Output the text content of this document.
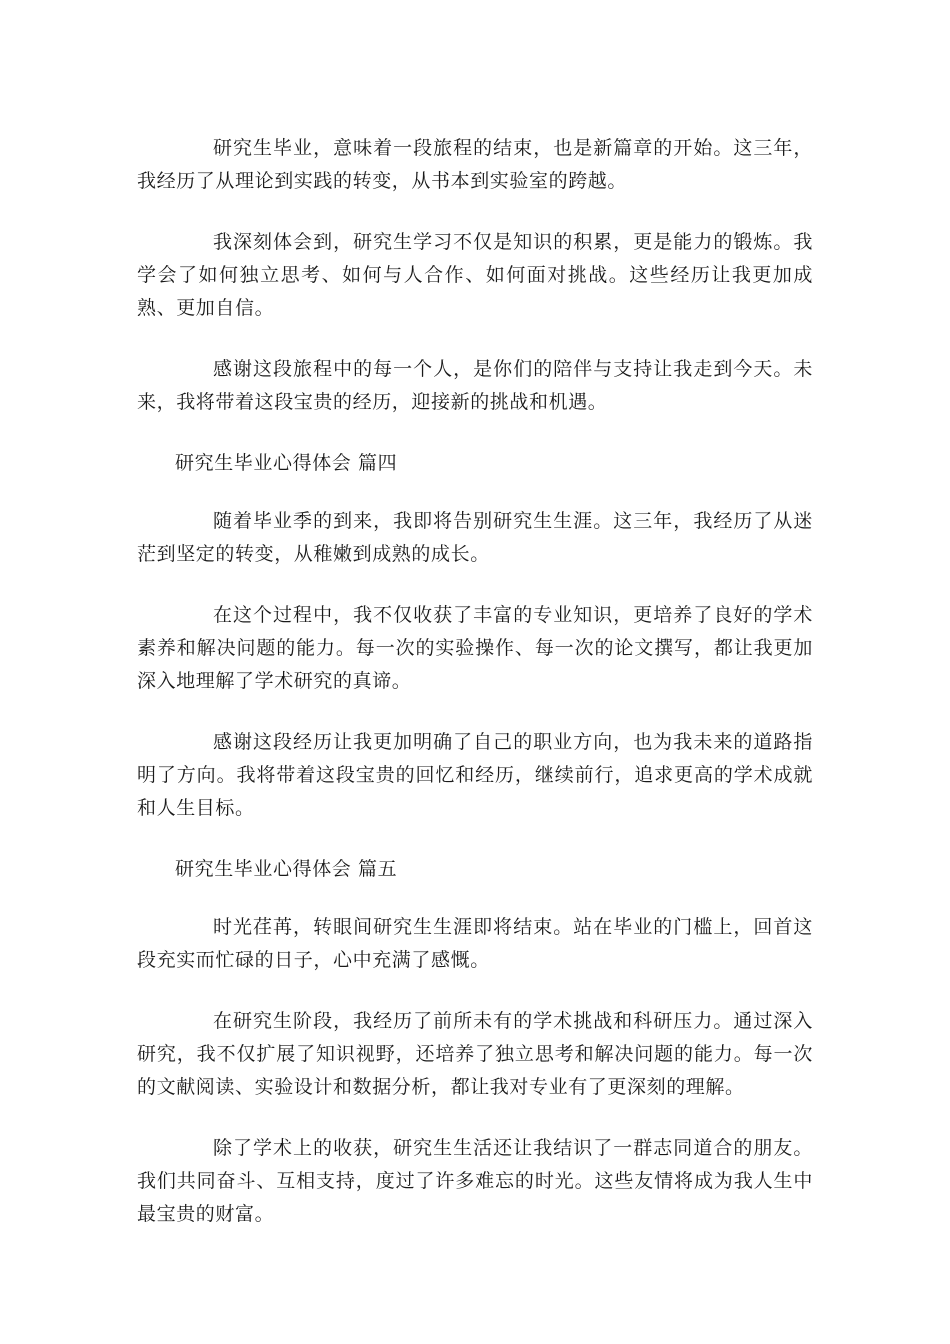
研究生毕业，意味着一段旅程的结束，也是新篇章的开始。这三年，我经历了从理论到实践的转变，从书本到实验室的跨越。

我深刻体会到，研究生学习不仅是知识的积累，更是能力的锻炼。我学会了如何独立思考、如何与人合作、如何面对挑战。这些经历让我更加成熟、更加自信。

感谢这段旅程中的每一个人，是你们的陪伴与支持让我走到今天。未来，我将带着这段宝贵的经历，迎接新的挑战和机遇。

研究生毕业心得体会 篇四

随着毕业季的到来，我即将告别研究生生涯。这三年，我经历了从迷茫到坚定的转变，从稚嫩到成熟的成长。

在这个过程中，我不仅收获了丰富的专业知识，更培养了良好的学术素养和解决问题的能力。每一次的实验操作、每一次的论文撰写，都让我更加深入地理解了学术研究的真谛。

感谢这段经历让我更加明确了自己的职业方向，也为我未来的道路指明了方向。我将带着这段宝贵的回忆和经历，继续前行，追求更高的学术成就和人生目标。

研究生毕业心得体会 篇五

时光荏苒，转眼间研究生生涯即将结束。站在毕业的门槛上，回首这段充实而忙碌的日子，心中充满了感慨。

在研究生阶段，我经历了前所未有的学术挑战和科研压力。通过深入研究，我不仅扩展了知识视野，还培养了独立思考和解决问题的能力。每一次的文献阅读、实验设计和数据分析，都让我对专业有了更深刻的理解。

除了学术上的收获，研究生生活还让我结识了一群志同道合的朋友。我们共同奋斗、互相支持，度过了许多难忘的时光。这些友情将成为我人生中最宝贵的财富。
